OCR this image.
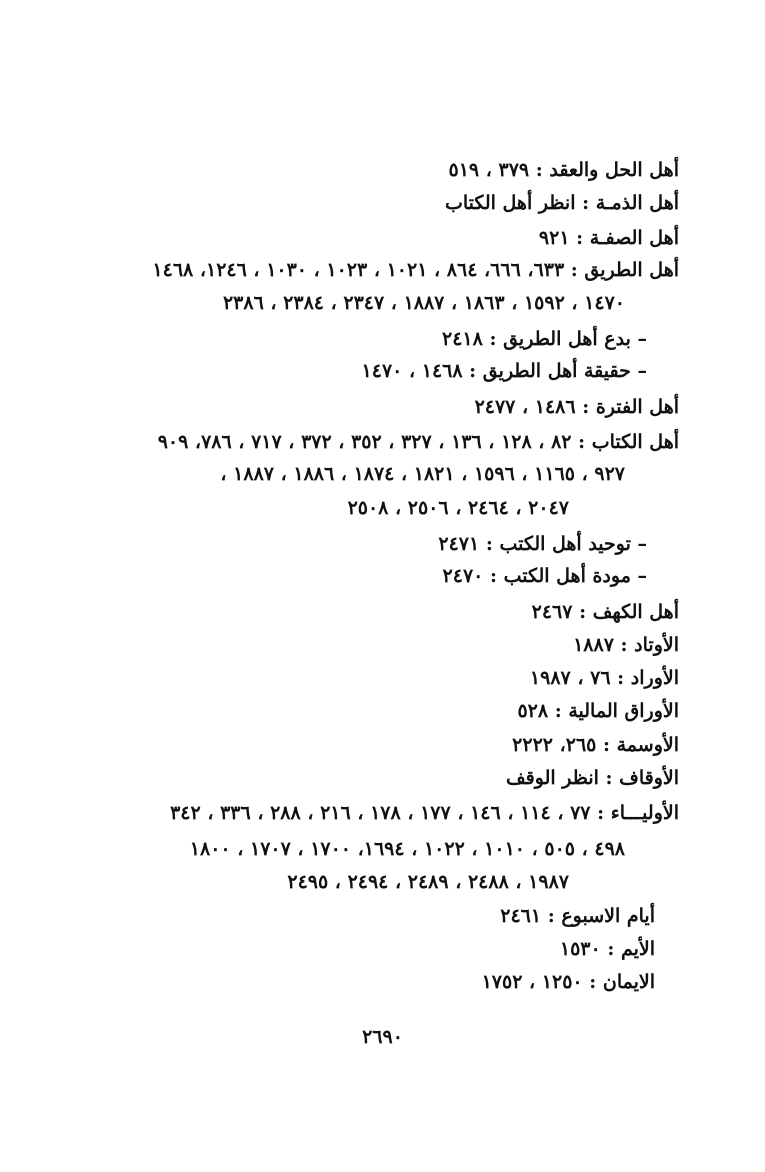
أهل الحل والعقد : ٣٧٩ ، ٥١٩
أهل الذمـة : انظر أهل الكتاب
أهل الصفـة : ٩٢١
أهل الطريق : ٦٣٣، ٦٦٦، ٨٦٤ ، ١٠٢١ ، ١٠٢٣ ، ١٠٣٠ ، ١٢٤٦، ١٤٦٨
١٤٧٠ ، ١٥٩٢ ، ١٨٦٣ ، ١٨٨٧ ، ٢٣٤٧ ، ٢٣٨٤ ، ٢٣٨٦
– بدع أهل الطريق : ٢٤١٨
– حقيقة أهل الطريق : ١٤٦٨ ، ١٤٧٠
أهل الفترة : ١٤٨٦ ، ٢٤٧٧
أهل الكتاب : ٨٢ ، ١٢٨ ، ١٣٦ ، ٣٢٧ ، ٣٥٢ ، ٣٧٢ ، ٧١٧ ، ٧٨٦، ٩٠٩
٩٢٧ ، ١١٦٥ ، ١٥٩٦ ، ١٨٢١ ، ١٨٧٤ ، ١٨٨٦ ، ١٨٨٧ ،
٢٠٤٧ ، ٢٤٦٤ ، ٢٥٠٦ ، ٢٥٠٨
– توحيد أهل الكتب : ٢٤٧١
– مودة أهل الكتب : ٢٤٧٠
أهل الكهف : ٢٤٦٧
الأوتاد : ١٨٨٧
الأوراد : ٧٦ ، ١٩٨٧
الأوراق المالية : ٥٢٨
الأوسمة : ٢٦٥، ٢٢٢٢
الأوقاف : انظر الوقف
الأوليـــاء : ٧٧ ، ١١٤ ، ١٤٦ ، ١٧٧ ، ١٧٨ ، ٢١٦ ، ٢٨٨ ، ٣٣٦ ، ٣٤٢
٤٩٨ ، ٥٠٥ ، ١٠١٠ ، ١٠٢٢ ، ١٦٩٤، ١٧٠٠ ، ١٧٠٧ ، ١٨٠٠
١٩٨٧ ، ٢٤٨٨ ، ٢٤٨٩ ، ٢٤٩٤ ، ٢٤٩٥
أيام الاسبوع : ٢٤٦١
الأيم : ١٥٣٠
الايمان : ١٢٥٠ ، ١٧٥٢
٢٦٩٠
